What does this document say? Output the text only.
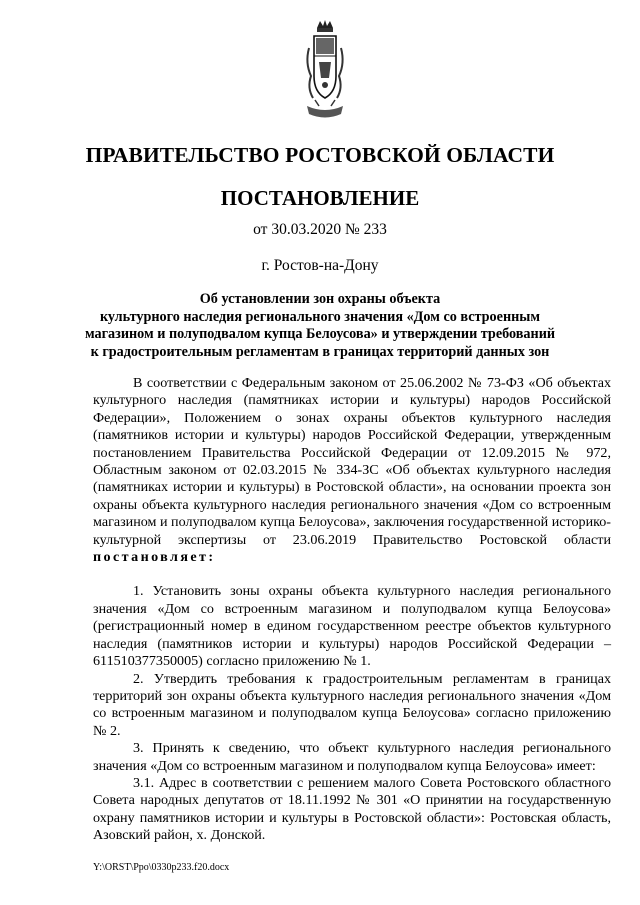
ПРАВИТЕЛЬСТВО РОСТОВСКОЙ ОБЛАСТИ
ПОСТАНОВЛЕНИЕ
от 30.03.2020 № 233
г. Ростов-на-Дону
Об установлении зон охраны объекта
культурного наследия регионального значения «Дом со встроенным
магазином и полуподвалом купца Белоусова» и утверждении требований
к градостроительным регламентам в границах территорий данных зон

В соответствии с Федеральным законом от 25.06.2002 № 73-ФЗ «Об объектах культурного наследия (памятниках истории и культуры) народов Российской Федерации», Положением о зонах охраны объектов культурного наследия (памятников истории и культуры) народов Российской Федерации, утвержденным постановлением Правительства Российской Федерации от 12.09.2015 № 972, Областным законом от 02.03.2015 № 334-ЗС «Об объектах культурного наследия (памятниках истории и культуры) в Ростовской области», на основании проекта зон охраны объекта культурного наследия регионального значения «Дом со встроенным магазином и полуподвалом купца Белоусова», заключения государственной историко-культурной экспертизы от 23.06.2019 Правительство Ростовской области постановляет:

1. Установить зоны охраны объекта культурного наследия регионального значения «Дом со встроенным магазином и полуподвалом купца Белоусова» (регистрационный номер в едином государственном реестре объектов культурного наследия (памятников истории и культуры) народов Российской Федерации – 611510377350005) согласно приложению № 1.

2. Утвердить требования к градостроительным регламентам в границах территорий зон охраны объекта культурного наследия регионального значения «Дом со встроенным магазином и полуподвалом купца Белоусова» согласно приложению № 2.

3. Принять к сведению, что объект культурного наследия регионального значения «Дом со встроенным магазином и полуподвалом купца Белоусова» имеет:

3.1. Адрес в соответствии с решением малого Совета Ростовского областного Совета народных депутатов от 18.11.1992 № 301 «О принятии на государственную охрану памятников истории и культуры в Ростовской области»: Ростовская область, Азовский район, х. Донской.

Y:\ORST\Ppo\0330p233.f20.docx
